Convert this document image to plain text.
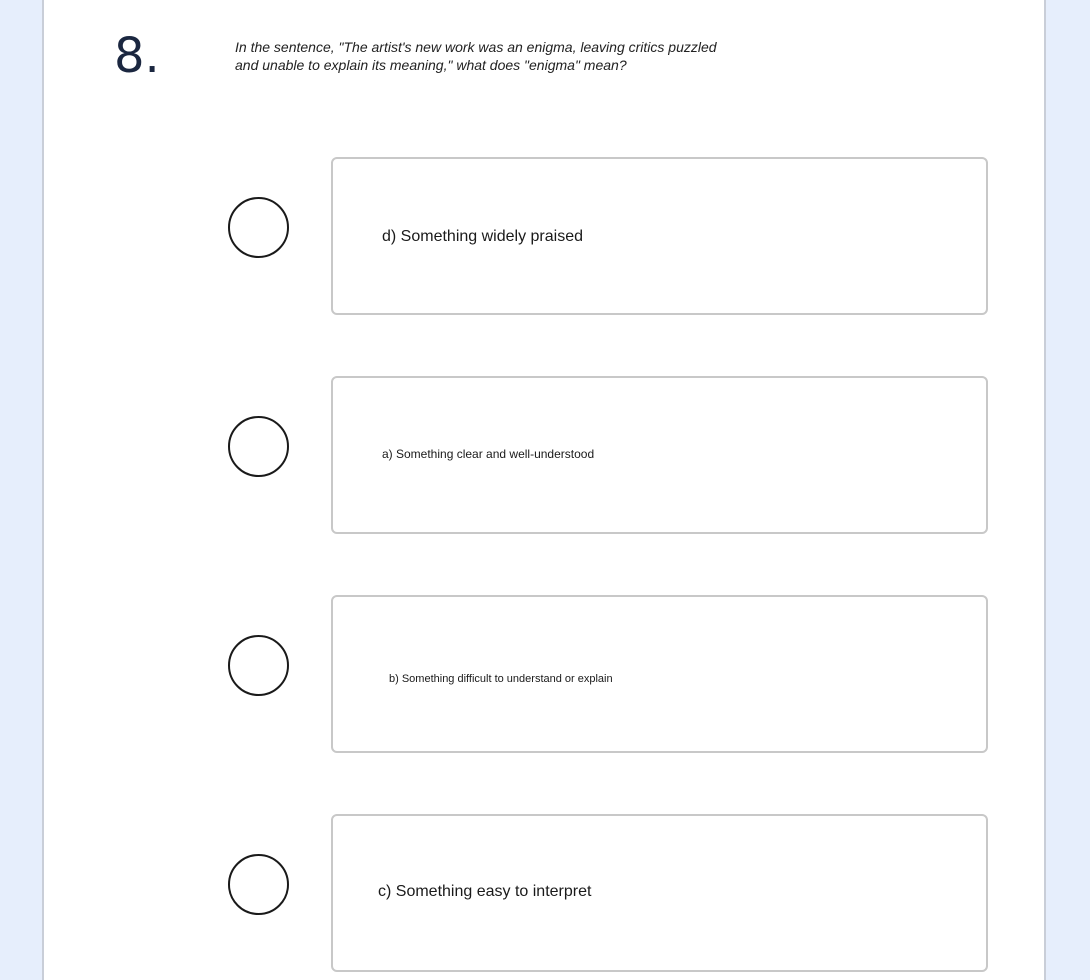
8.	In the sentence, "The artist's new work was an enigma, leaving critics puzzled
and unable to explain its meaning," what does "enigma" mean?
d) Something widely praised
a) Something clear and well-understood
b) Something difficult to understand or explain
c) Something easy to interpret
